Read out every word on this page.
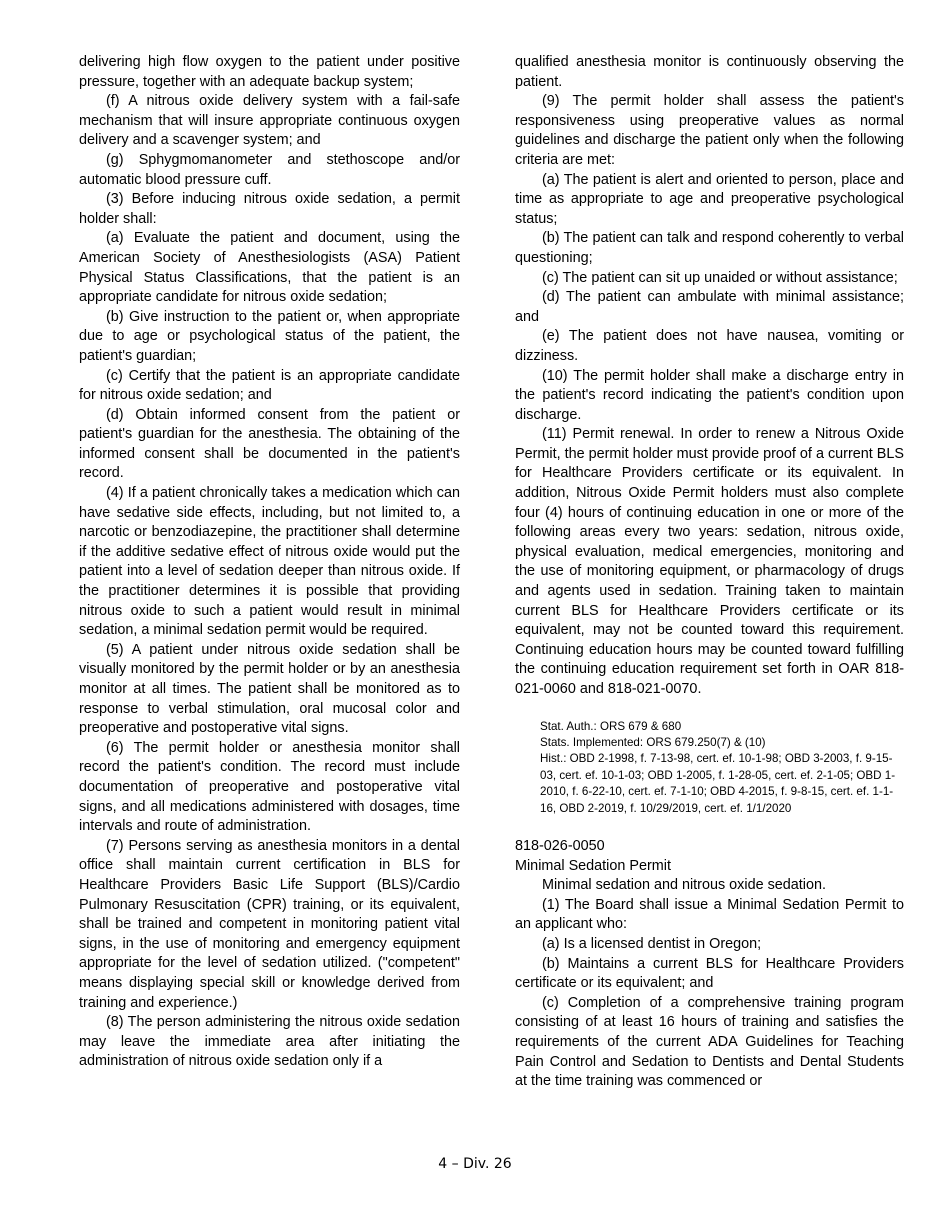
delivering high flow oxygen to the patient under positive pressure, together with an adequate backup system;

(f) A nitrous oxide delivery system with a fail-safe mechanism that will insure appropriate continuous oxygen delivery and a scavenger system; and

(g) Sphygmomanometer and stethoscope and/or automatic blood pressure cuff.

(3) Before inducing nitrous oxide sedation, a permit holder shall:

(a) Evaluate the patient and document, using the American Society of Anesthesiologists (ASA) Patient Physical Status Classifications, that the patient is an appropriate candidate for nitrous oxide sedation;

(b) Give instruction to the patient or, when appropriate due to age or psychological status of the patient, the patient's guardian;

(c) Certify that the patient is an appropriate candidate for nitrous oxide sedation; and

(d) Obtain informed consent from the patient or patient's guardian for the anesthesia. The obtaining of the informed consent shall be documented in the patient's record.

(4) If a patient chronically takes a medication which can have sedative side effects, including, but not limited to, a narcotic or benzodiazepine, the practitioner shall determine if the additive sedative effect of nitrous oxide would put the patient into a level of sedation deeper than nitrous oxide. If the practitioner determines it is possible that providing nitrous oxide to such a patient would result in minimal sedation, a minimal sedation permit would be required.

(5) A patient under nitrous oxide sedation shall be visually monitored by the permit holder or by an anesthesia monitor at all times. The patient shall be monitored as to response to verbal stimulation, oral mucosal color and preoperative and postoperative vital signs.

(6) The permit holder or anesthesia monitor shall record the patient's condition. The record must include documentation of preoperative and postoperative vital signs, and all medications administered with dosages, time intervals and route of administration.

(7) Persons serving as anesthesia monitors in a dental office shall maintain current certification in BLS for Healthcare Providers Basic Life Support (BLS)/Cardio Pulmonary Resuscitation (CPR) training, or its equivalent, shall be trained and competent in monitoring patient vital signs, in the use of monitoring and emergency equipment appropriate for the level of sedation utilized. ("competent" means displaying special skill or knowledge derived from training and experience.)

(8) The person administering the nitrous oxide sedation may leave the immediate area after initiating the administration of nitrous oxide sedation only if a

qualified anesthesia monitor is continuously observing the patient.

(9) The permit holder shall assess the patient's responsiveness using preoperative values as normal guidelines and discharge the patient only when the following criteria are met:

(a) The patient is alert and oriented to person, place and time as appropriate to age and preoperative psychological status;

(b) The patient can talk and respond coherently to verbal questioning;

(c) The patient can sit up unaided or without assistance;

(d) The patient can ambulate with minimal assistance; and

(e) The patient does not have nausea, vomiting or dizziness.

(10) The permit holder shall make a discharge entry in the patient's record indicating the patient's condition upon discharge.

(11) Permit renewal. In order to renew a Nitrous Oxide Permit, the permit holder must provide proof of a current BLS for Healthcare Providers certificate or its equivalent. In addition, Nitrous Oxide Permit holders must also complete four (4) hours of continuing education in one or more of the following areas every two years: sedation, nitrous oxide, physical evaluation, medical emergencies, monitoring and the use of monitoring equipment, or pharmacology of drugs and agents used in sedation. Training taken to maintain current BLS for Healthcare Providers certificate or its equivalent, may not be counted toward this requirement. Continuing education hours may be counted toward fulfilling the continuing education requirement set forth in OAR 818-021-0060 and 818-021-0070.

Stat. Auth.: ORS 679 & 680

Stats. Implemented: ORS 679.250(7) & (10)

Hist.: OBD 2-1998, f. 7-13-98, cert. ef. 10-1-98; OBD 3-2003, f. 9-15-03, cert. ef. 10-1-03; OBD 1-2005, f. 1-28-05, cert. ef. 2-1-05; OBD 1-2010, f. 6-22-10, cert. ef. 7-1-10; OBD 4-2015, f. 9-8-15, cert. ef. 1-1-16, OBD 2-2019, f. 10/29/2019, cert. ef. 1/1/2020

818-026-0050

Minimal Sedation Permit

Minimal sedation and nitrous oxide sedation.

(1) The Board shall issue a Minimal Sedation Permit to an applicant who:

(a) Is a licensed dentist in Oregon;

(b) Maintains a current BLS for Healthcare Providers certificate or its equivalent; and

(c) Completion of a comprehensive training program consisting of at least 16 hours of training and satisfies the requirements of the current ADA Guidelines for Teaching Pain Control and Sedation to Dentists and Dental Students at the time training was commenced or

4 – Div. 26
